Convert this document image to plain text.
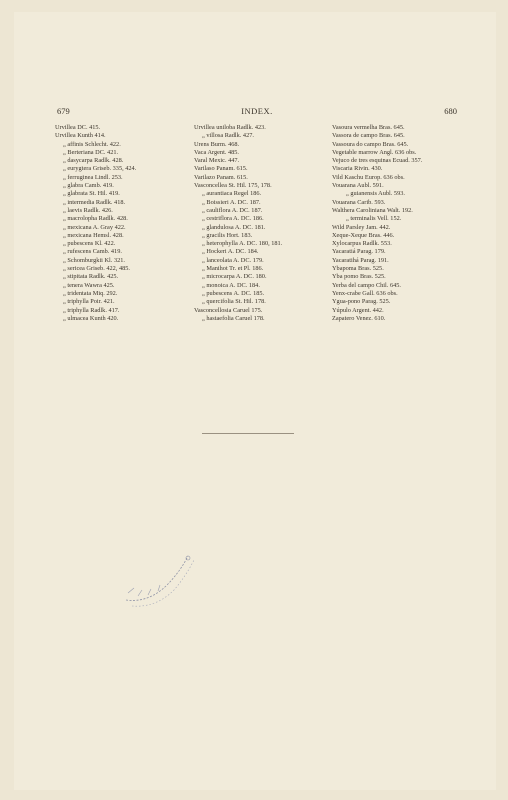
679	INDEX.	680
Urvillea DC. 415.
Urvillea Kunth 414.
„ affinis Schlecht. 422.
„ Berteriana DC. 421.
„ dasycarpa Radlk. 428.
„ eurygtera Griseb. 335, 424.
„ ferruginea Lindl. 253.
„ glabra Camb. 419.
„ glabrata St. Hil. 419.
„ intermedia Radlk. 418.
„ laevis Radlk. 426.
„ macrolopha Radlk. 428.
„ mexicana A. Gray 422.
„ mexicana Hemsl. 428.
„ pubescens Kl. 422.
„ rufescens Camb. 419.
„ Schomburgkii Kl. 321.
„ sericea Griseb. 422, 485.
„ stipitata Radlk. 425.
„ tenera Wawra 425.
„ tridentata Miq. 292.
„ triphylla Poir. 421.
„ triphylla Radlk. 417.
„ ulmacea Kunth 420.
Urvillea uniloba Radlk. 423.
„ villosa Radlk. 427.
Urens Burm. 468.
Vaca Argent. 485.
Varal Mexic. 447.
Varilaso Panam. 615.
Varilazo Panam. 615.
Vasconcellea St. Hil. 175, 178.
„ aurantiaca Regel 186.
„ Boissieri A. DC. 187.
„ cauliflora A. DC. 187.
„ cestriflora A. DC. 186.
„ glandulosa A. DC. 181.
„ gracilis Hort. 183.
„ heterophylla A. DC. 180, 181.
„ Hockeri A. DC. 184.
„ lanceolata A. DC. 179.
„ Manihot Tr. et Pl. 186.
„ microcarpa A. DC. 180.
„ monoica A. DC. 184.
„ pubescens A. DC. 185.
„ quercifolia St. Hil. 178.
Vasconcellosia Caruel 175.
„ hastaefolia Caruel 178.
Vasoura vermelha Bras. 645.
Vassora de campo Bras. 645.
Vassoura do campo Bras. 645.
Vegetable marrow Angl. 636 obs.
Vejuco de tres esquinas Ecuad. 357.
Viscaria Rivin. 430.
Vild Kaschu Europ. 636 obs.
Vouarana Aubl. 591.
„ guianensis Aubl. 593.
Vouarana Carib. 593.
Walthera Caroliniana Walt. 192.
„ terminalis Vell. 152.
Wild Parsley Jam. 442.
Xeque-Xeque Bras. 446.
Xylocarpus Radlk. 553.
Yacaratiá Parag. 179.
Yacaratihá Parag. 191.
Ybapoma Bras. 525.
Yba pomo Bras. 525.
Yerba del campo Chil. 645.
Yenx-crabe Gall. 636 obs.
Ygua-pono Parag. 525.
Yúpulo Argent. 442.
Zapatero Venez. 610.
